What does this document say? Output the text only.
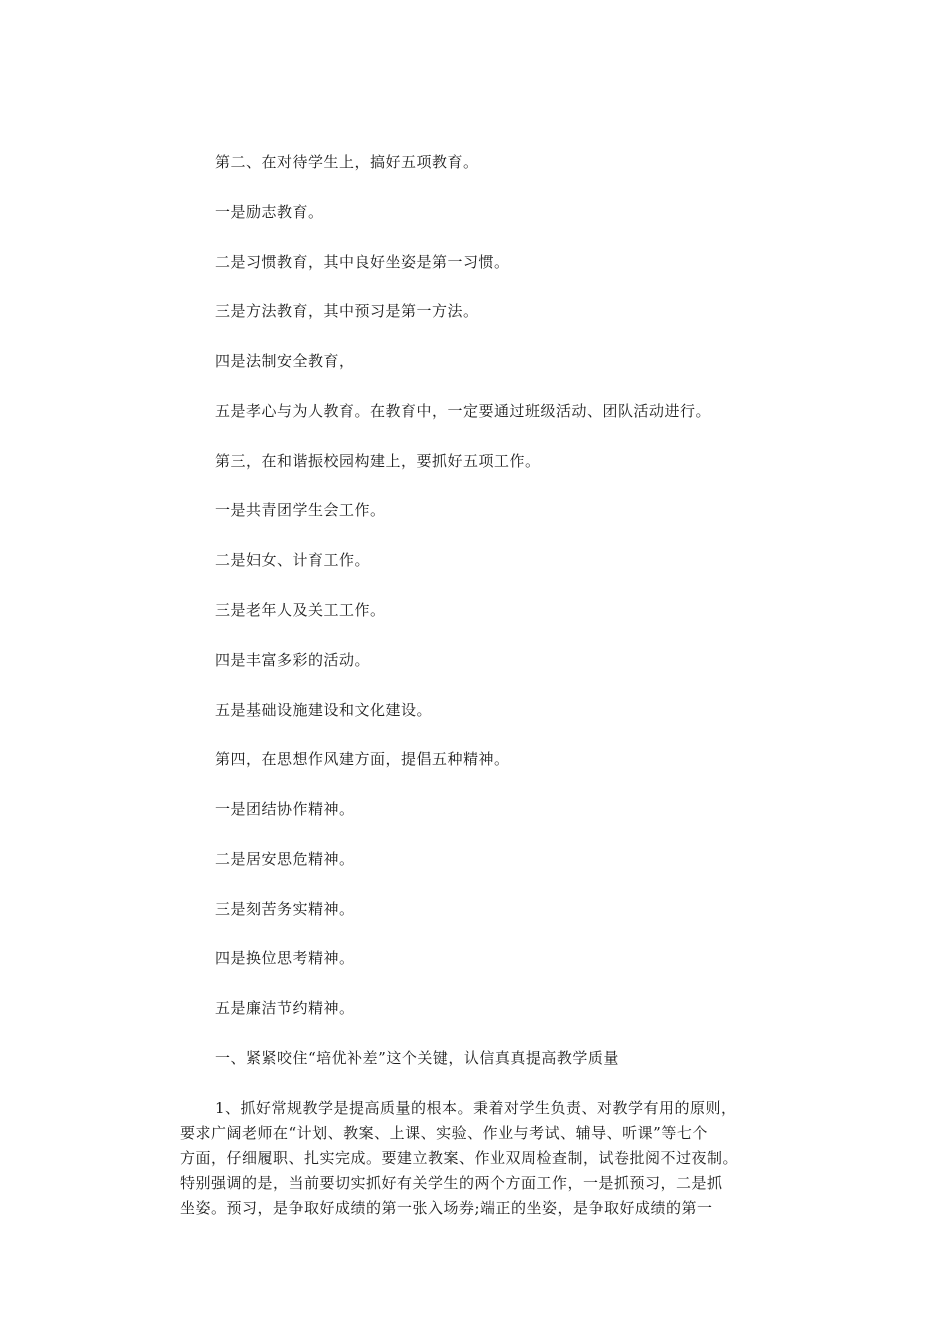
第二、在对待学生上，搞好五项教育。
一是励志教育。
二是习惯教育，其中良好坐姿是第一习惯。
三是方法教育，其中预习是第一方法。
四是法制安全教育，
五是孝心与为人教育。在教育中，一定要通过班级活动、团队活动进行。
第三，在和谐振校园构建上，要抓好五项工作。
一是共青团学生会工作。
二是妇女、计育工作。
三是老年人及关工工作。
四是丰富多彩的活动。
五是基础设施建设和文化建设。
第四，在思想作风建方面，提倡五种精神。
一是团结协作精神。
二是居安思危精神。
三是刻苦务实精神。
四是换位思考精神。
五是廉洁节约精神。
一、紧紧咬住“培优补差”这个关键，认信真真提高教学质量
1、抓好常规教学是提高质量的根本。秉着对学生负责、对教学有用的原则，
要求广阔老师在“计划、教案、上课、实验、作业与考试、辅导、听课”等七个
方面，仔细履职、扎实完成。要建立教案、作业双周检查制，试卷批阅不过夜制。
特别强调的是，当前要切实抓好有关学生的两个方面工作，一是抓预习，二是抓
坐姿。预习，是争取好成绩的第一张入场券;端正的坐姿，是争取好成绩的第一
